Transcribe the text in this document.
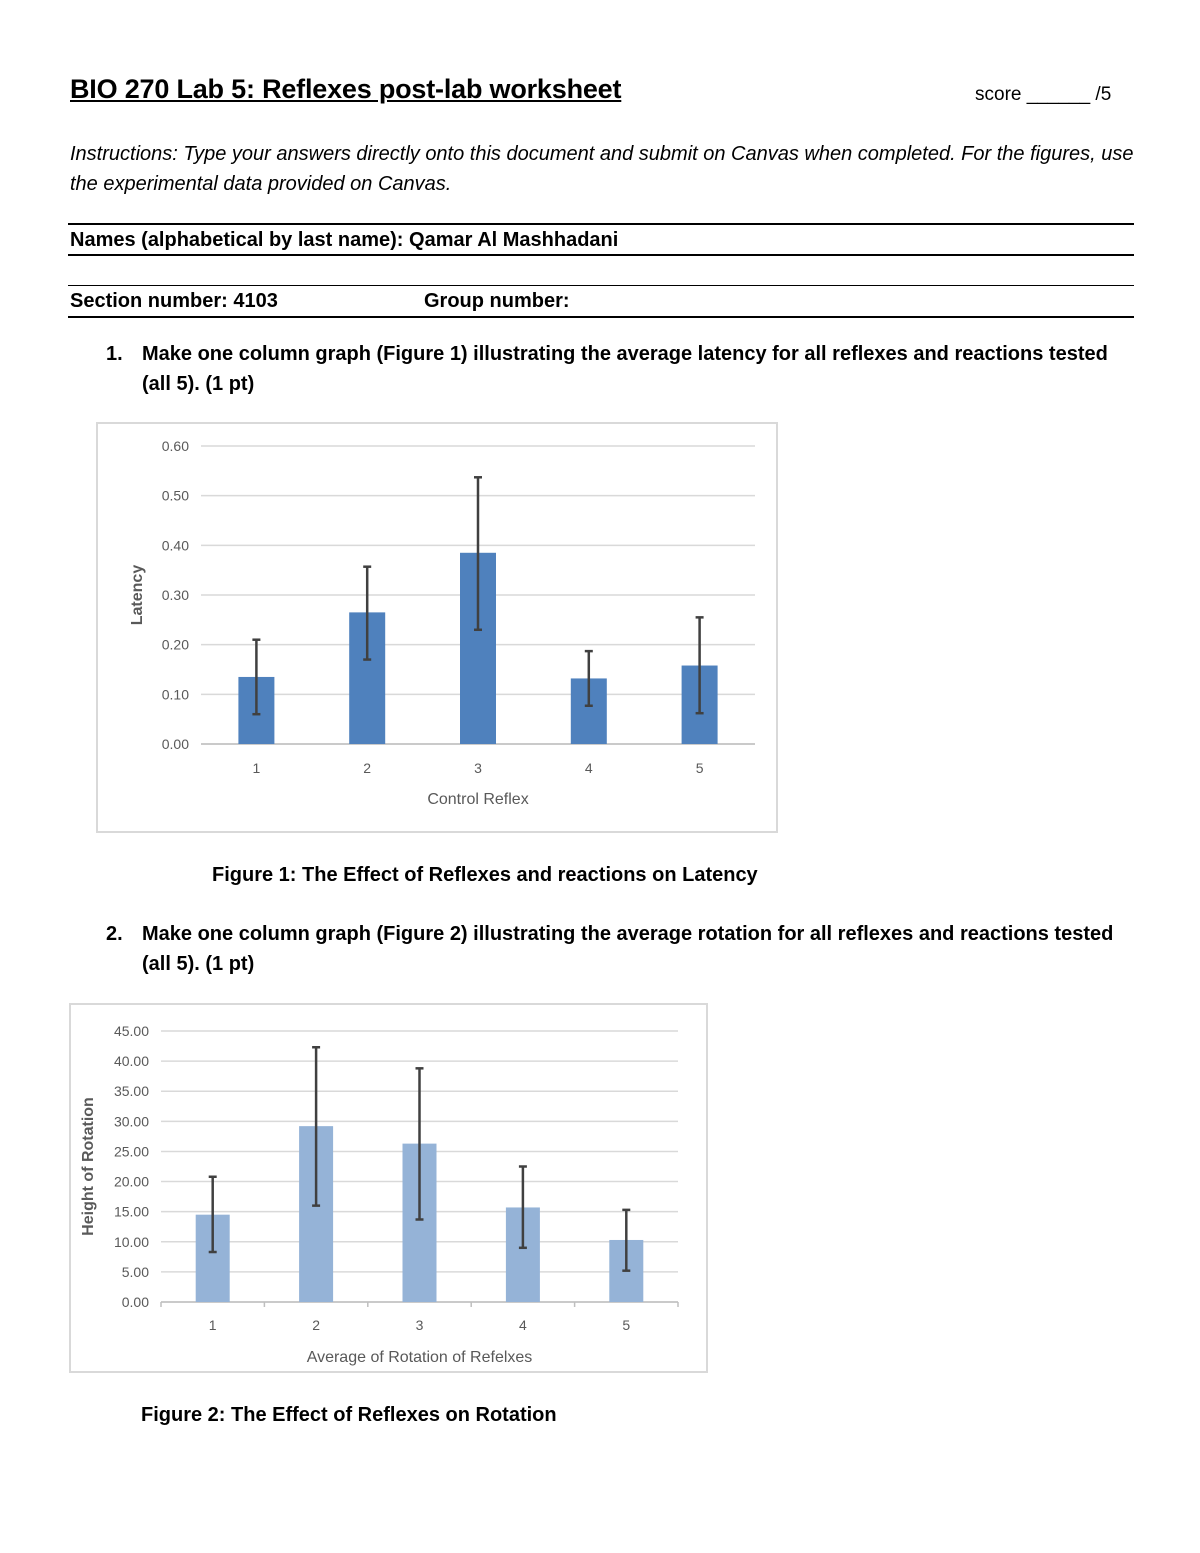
BIO 270 Lab 5: Reflexes post-lab worksheet	score ______ /5
Instructions: Type your answers directly onto this document and submit on Canvas when completed. For the figures, use the experimental data provided on Canvas.
Names (alphabetical by last name): Qamar Al Mashhadani
Section number: 4103	Group number:
1. Make one column graph (Figure 1) illustrating the average latency for all reflexes and reactions tested (all 5). (1 pt)
0.00
0.10
0.20
0.30
0.40
0.50
0.60
1	2	3	4	5
Control Reflex
Latency
Figure 1: The Effect of Reflexes and reactions on Latency
2. Make one column graph (Figure 2) illustrating the average rotation for all reflexes and reactions tested (all 5). (1 pt)
0.00
5.00
10.00
15.00
20.00
25.00
30.00
35.00
40.00
45.00
1	2	3	4	5
Average of Rotation of Refelxes
Height of Rotation
Figure 2: The Effect of Reflexes on Rotation
